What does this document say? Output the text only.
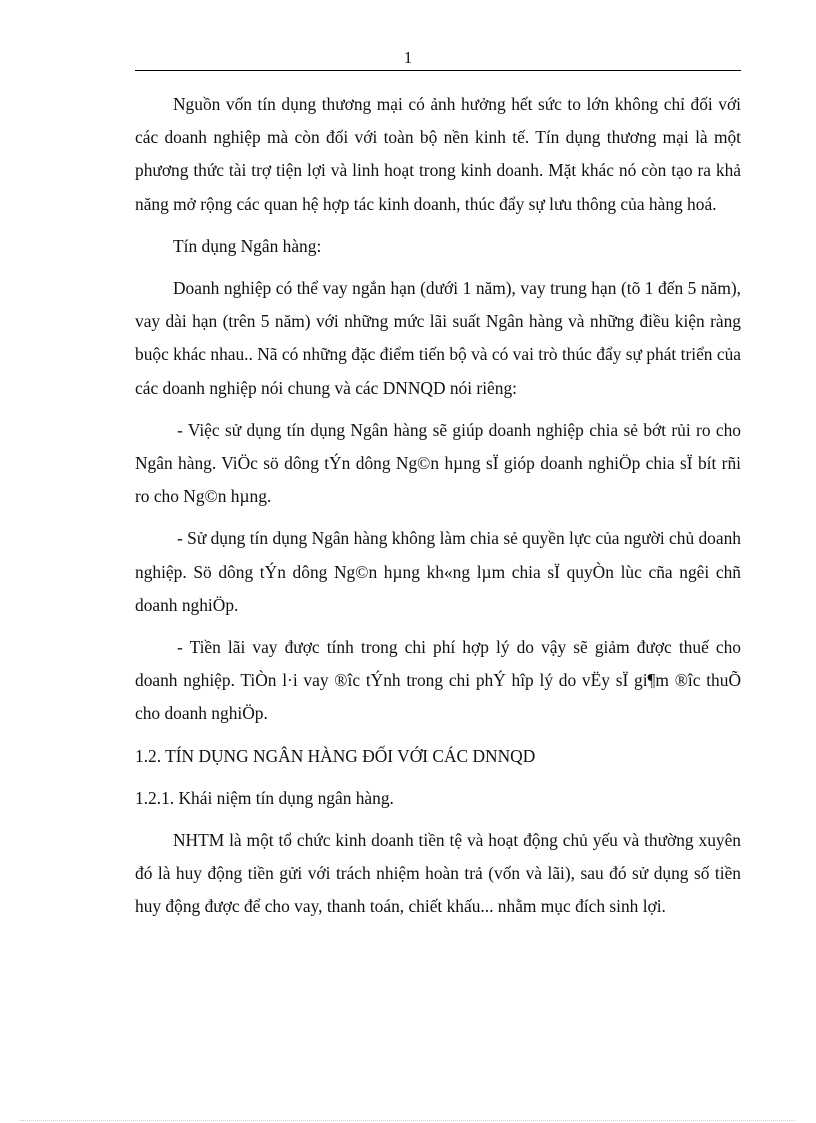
1

Nguồn vốn tín dụng thương mại có ảnh hưởng hết sức to lớn không chỉ đối với các doanh nghiệp mà còn đối với toàn bộ nền kinh tế. Tín dụng thương mại là một phương thức tài trợ tiện lợi và linh hoạt trong kinh doanh. Mặt khác nó còn tạo ra khả năng mở rộng các quan hệ hợp tác kinh doanh, thúc đẩy sự lưu thông của hàng hoá.

Tín dụng Ngân hàng:

Doanh nghiệp có thể vay ngắn hạn (dưới 1 năm), vay trung hạn (tõ 1 đến 5 năm), vay dài hạn (trên 5 năm) với những mức lãi suất Ngân hàng và những điều kiện ràng buộc khác nhau.. Nã có những đặc điểm tiến bộ và có vai trò thúc đẩy sự phát triển của các doanh nghiệp nói chung và các DNNQD nói riêng:

- Việc sử dụng tín dụng Ngân hàng sẽ giúp doanh nghiệp chia sẻ bớt rủi ro cho Ngân hàng. ViÖc sö dông tÝn dông Ng©n hµng sÏ gióp doanh nghiÖp chia sÏ bít rñi ro cho Ng©n hµng.

- Sử dụng tín dụng Ngân hàng không làm chia sẻ quyền lực của người chủ doanh nghiệp. Sö dông tÝn dông Ng©n hµng kh«ng lµm chia sÏ quyÒn lùc cña ngêi chñ doanh nghiÖp.

- Tiền lãi vay được tính trong chi phí hợp lý do vậy sẽ giảm được thuế cho doanh nghiệp. TiÒn l·i vay ®îc tÝnh trong chi phÝ hîp lý do vËy sÏ gi¶m ®îc thuÕ cho doanh nghiÖp.

1.2. TÍN DỤNG NGÂN HÀNG ĐỐI VỚI CÁC DNNQD

1.2.1. Khái niệm tín dụng ngân hàng.

NHTM là một tổ chức kinh doanh tiền tệ và hoạt động chủ yếu và thường xuyên đó là huy động tiền gửi với trách nhiệm hoàn trả (vốn và lãi), sau đó sử dụng số tiền huy động được để cho vay, thanh toán, chiết khấu... nhằm mục đích sinh lợi.
